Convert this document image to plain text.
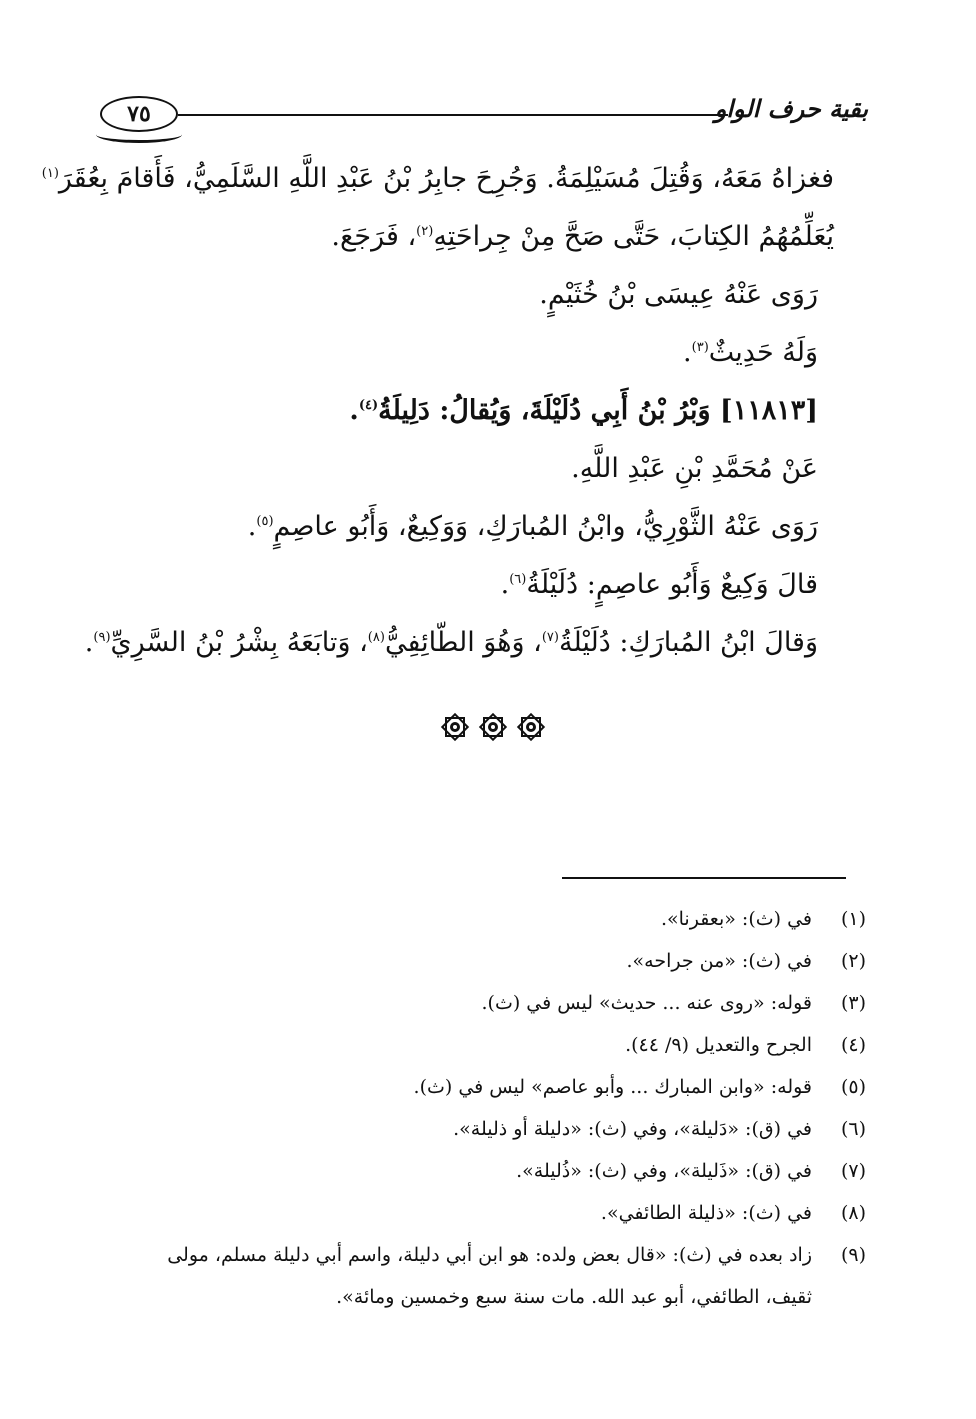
٧٥	بقية حرف الواو
فغزاهُ مَعَهُ، وَقُتِلَ مُسَيْلِمَةُ. وَجُرِحَ جابِرُ بْنُ عَبْدِ اللَّهِ السَّلَمِيُّ، فَأَقامَ بِعُقَرَ$^{(١)}$
يُعَلِّمُهُمُ الكِتابَ، حَتَّى صَحَّ مِنْ جِراحَتِهِ$^{(٢)}$، فَرَجَعَ.
رَوَى عَنْهُ عِيسَى بْنُ خُثَيْمٍ.
وَلَهُ حَدِيثٌ$^{(٣)}$.
[١١٨١٣] وَبْرُ بْنُ أَبِي دُلَيْلَةَ، وَيُقالُ: دَلِيلَةُ$^{(٤)}$.
عَنْ مُحَمَّدِ بْنِ عَبْدِ اللَّهِ.
رَوَى عَنْهُ الثَّوْرِيُّ، وابْنُ المُبارَكِ، وَوَكِيعٌ، وَأَبُو عاصِمٍ$^{(٥)}$.
قالَ وَكِيعٌ وَأَبُو عاصِمٍ: دُلَيْلَةُ$^{(٦)}$.
وَقالَ ابْنُ المُبارَكِ: دُلَيْلَةُ$^{(٧)}$، وَهُوَ الطّائِفِيُّ$^{(٨)}$، وَتابَعَهُ بِشْرُ بْنُ السَّرِيِّ$^{(٩)}$.
(١)
في (ث): «بعقرنا».
(٢)
في (ث): «من جراحه».
(٣)
قوله: «روى عنه ... حديث» ليس في (ث).
(٤)
الجرح والتعديل (٩/ ٤٤).
(٥)
قوله: «وابن المبارك ... وأبو عاصم» ليس في (ث).
(٦)
في (ق): «دَليلة»، وفي (ث): «دليلة أو ذليلة».
(٧)
في (ق): «ذَليلة»، وفي (ث): «ذُليلة».
(٨)
في (ث): «ذليلة الطائفي».
(٩)
زاد بعده في (ث): «قال بعض ولده: هو ابن أبي دليلة، واسم أبي دليلة مسلم، مولى ثقيف، الطائفي، أبو عبد الله. مات سنة سبع وخمسين ومائة».
